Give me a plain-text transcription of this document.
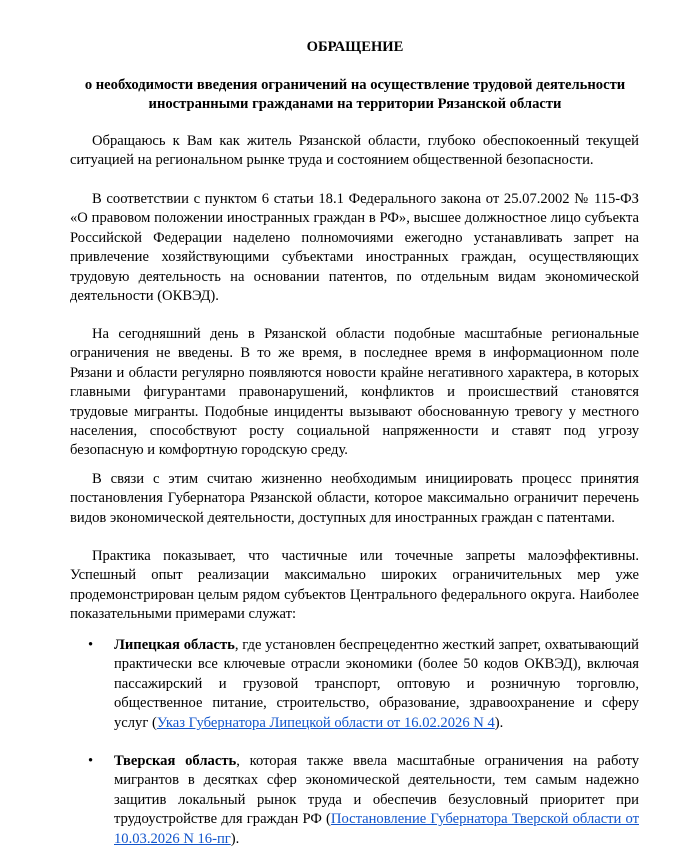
ОБРАЩЕНИЕ

о необходимости введения ограничений на осуществление трудовой деятельности
иностранными гражданами на территории Рязанской области

Обращаюсь к Вам как житель Рязанской области, глубоко обеспокоенный текущей ситуацией на региональном рынке труда и состоянием общественной безопасности.

В соответствии с пунктом 6 статьи 18.1 Федерального закона от 25.07.2002 № 115-ФЗ «О правовом положении иностранных граждан в РФ», высшее должностное лицо субъекта Российской Федерации наделено полномочиями ежегодно устанавливать запрет на привлечение хозяйствующими субъектами иностранных граждан, осуществляющих трудовую деятельность на основании патентов, по отдельным видам экономической деятельности (ОКВЭД).

На сегодняшний день в Рязанской области подобные масштабные региональные ограничения не введены. В то же время, в последнее время в информационном поле Рязани и области регулярно появляются новости крайне негативного характера, в которых главными фигурантами правонарушений, конфликтов и происшествий становятся трудовые мигранты. Подобные инциденты вызывают обоснованную тревогу у местного населения, способствуют росту социальной напряженности и ставят под угрозу безопасную и комфортную городскую среду.

В связи с этим считаю жизненно необходимым инициировать процесс принятия постановления Губернатора Рязанской области, которое максимально ограничит перечень видов экономической деятельности, доступных для иностранных граждан с патентами.

Практика показывает, что частичные или точечные запреты малоэффективны. Успешный опыт реализации максимально широких ограничительных мер уже продемонстрирован целым рядом субъектов Центрального федерального округа. Наиболее показательными примерами служат:

•	Липецкая область, где установлен беспрецедентно жесткий запрет, охватывающий практически все ключевые отрасли экономики (более 50 кодов ОКВЭД), включая пассажирский и грузовой транспорт, оптовую и розничную торговлю, общественное питание, строительство, образование, здравоохранение и сферу услуг (Указ Губернатора Липецкой области от 16.02.2026 N 4).

•	Тверская область, которая также ввела масштабные ограничения на работу мигрантов в десятках сфер экономической деятельности, тем самым надежно защитив локальный рынок труда и обеспечив безусловный приоритет при трудоустройстве для граждан РФ (Постановление Губернатора Тверской области от 10.03.2026 N 16-пг).
